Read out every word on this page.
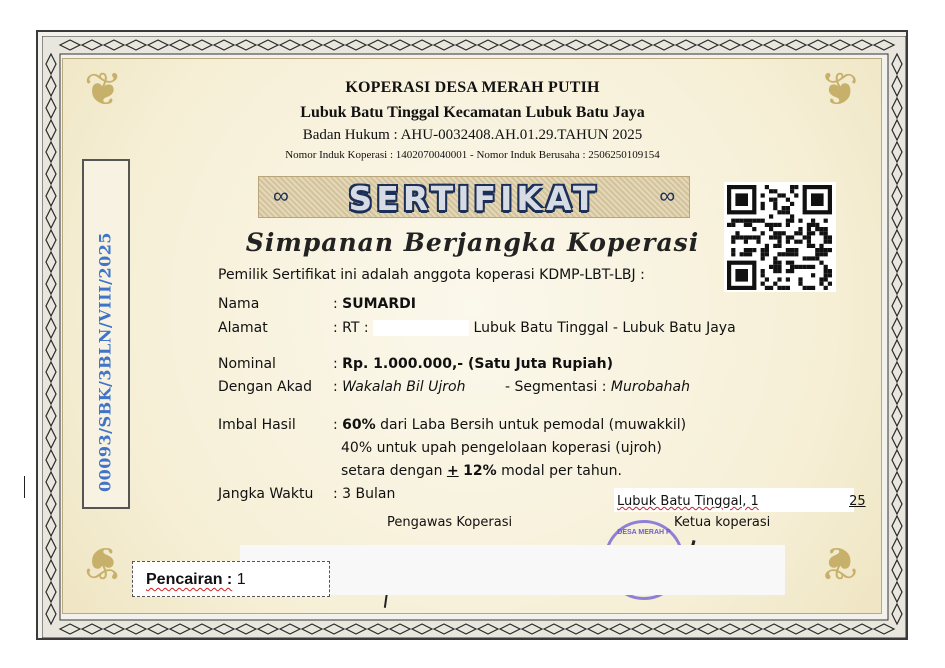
❦	❦
❦	❦
KOPERASI DESA MERAH PUTIH
Lubuk Batu Tinggal Kecamatan Lubuk Batu Jaya
Badan Hukum : AHU-0032408.AH.01.29.TAHUN 2025
Nomor Induk Koperasi : 1402070040001 - Nomor Induk Berusaha : 2506250109154
∞	SERTIFIKAT	∞
Simpanan Berjangka Koperasi
00093/SBK/3BLN/VIII/2025	Pemilik Sertifikat ini adalah anggota koperasi KDMP-LBT-LBJ :
Nama	: SUMARDI
Alamat	: RT :	Lubuk Batu Tinggal - Lubuk Batu Jaya
Nominal	: Rp. 1.000.000,- (Satu Juta Rupiah)
Dengan Akad : Wakalah Bil Ujroh	- Segmentasi : Murobahah
Imbal Hasil	: 60% dari Laba Bersih untuk pemodal (muwakkil)
40% untuk upah pengelolaan koperasi (ujroh)
setara dengan + 12% modal per tahun.
Jangka Waktu : 3 Bulan	Lubuk Batu Tinggal, 1	25
Pengawas Koperasi	Ketua koperasi
DESA MERAH P
Pencairan : 1
